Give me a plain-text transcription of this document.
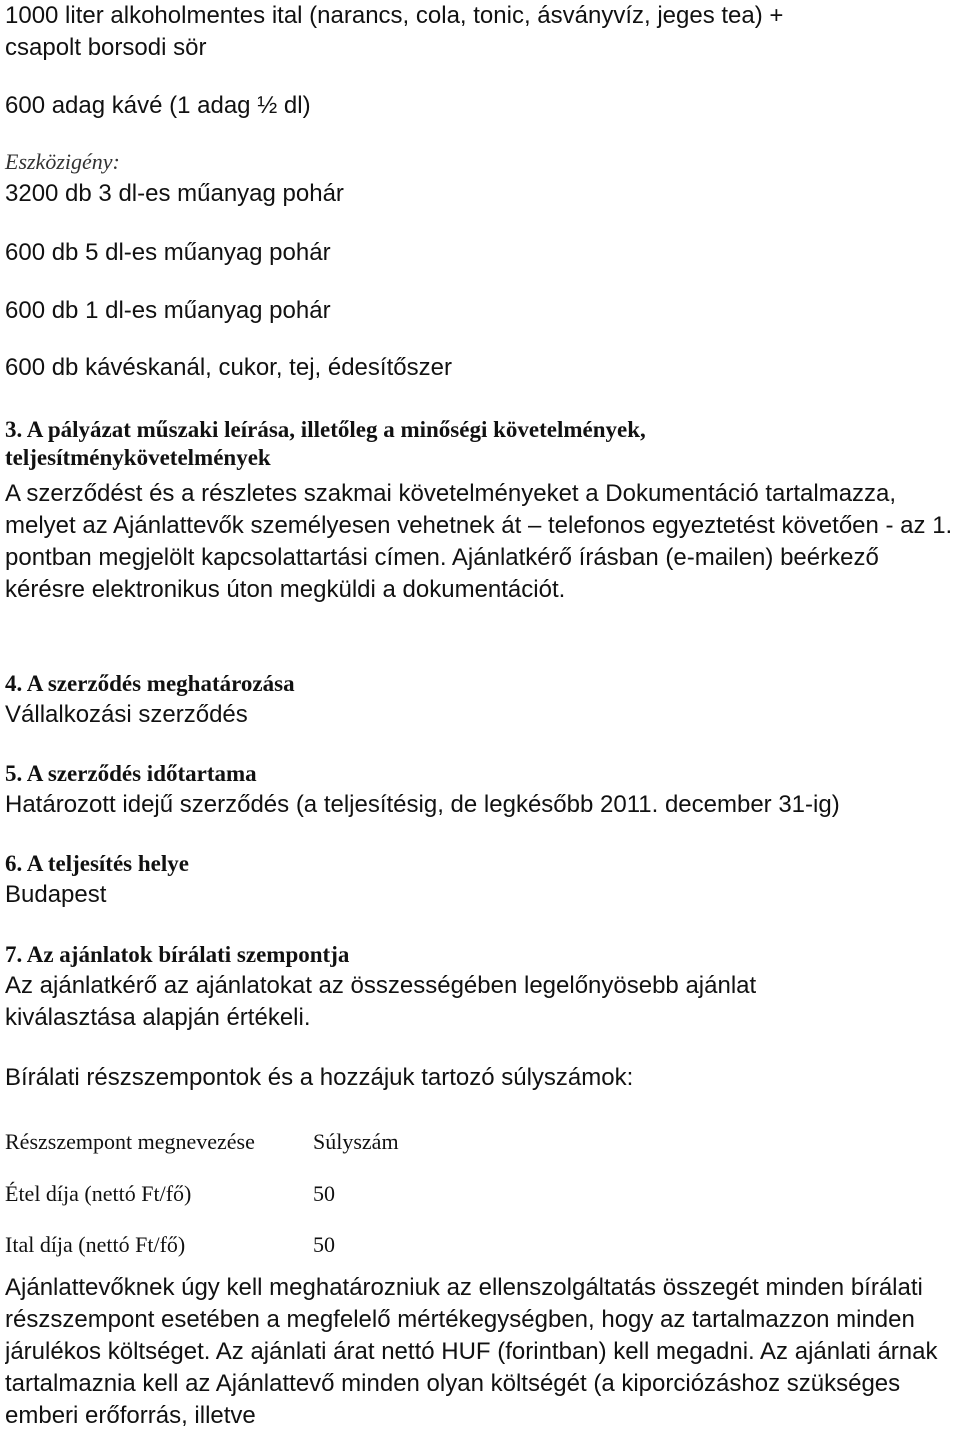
1000 liter alkoholmentes ital (narancs, cola, tonic, ásványvíz, jeges tea) +
csapolt borsodi sör
600 adag kávé (1 adag ½ dl)
Eszközigény:
3200 db 3 dl-es műanyag pohár
600 db 5 dl-es műanyag pohár
600 db 1 dl-es műanyag pohár
600 db kávéskanál, cukor, tej, édesítőszer
3. A pályázat műszaki leírása, illetőleg a minőségi követelmények, teljesítménykövetelmények
A szerződést és a részletes szakmai követelményeket a Dokumentáció tartalmazza, melyet az Ajánlattevők személyesen vehetnek át – telefonos egyeztetést követően - az 1. pontban megjelölt kapcsolattartási címen. Ajánlatkérő írásban (e-mailen) beérkező kérésre elektronikus úton megküldi a dokumentációt.
4. A szerződés meghatározása
Vállalkozási szerződés
5. A szerződés időtartama
Határozott idejű szerződés (a teljesítésig, de legkésőbb 2011. december 31-ig)
6. A teljesítés helye
Budapest
7. Az ajánlatok bírálati szempontja
Az ajánlatkérő az ajánlatokat az összességében legelőnyösebb ajánlat kiválasztása alapján értékeli.
Bírálati részszempontok és a hozzájuk tartozó súlyszámok:
Részszempont megnevezése	Súlyszám
Étel díja (nettó Ft/fő)	50
Ital díja (nettó Ft/fő)	50
Ajánlattevőknek úgy kell meghatározniuk az ellenszolgáltatás összegét minden bírálati részszempont esetében a megfelelő mértékegységben, hogy az tartalmazzon minden járulékos költséget. Az ajánlati árat nettó HUF (forintban) kell megadni. Az ajánlati árnak tartalmaznia kell az Ajánlattevő minden olyan költségét (a kiporciózáshoz szükséges emberi erőforrás, illetve
